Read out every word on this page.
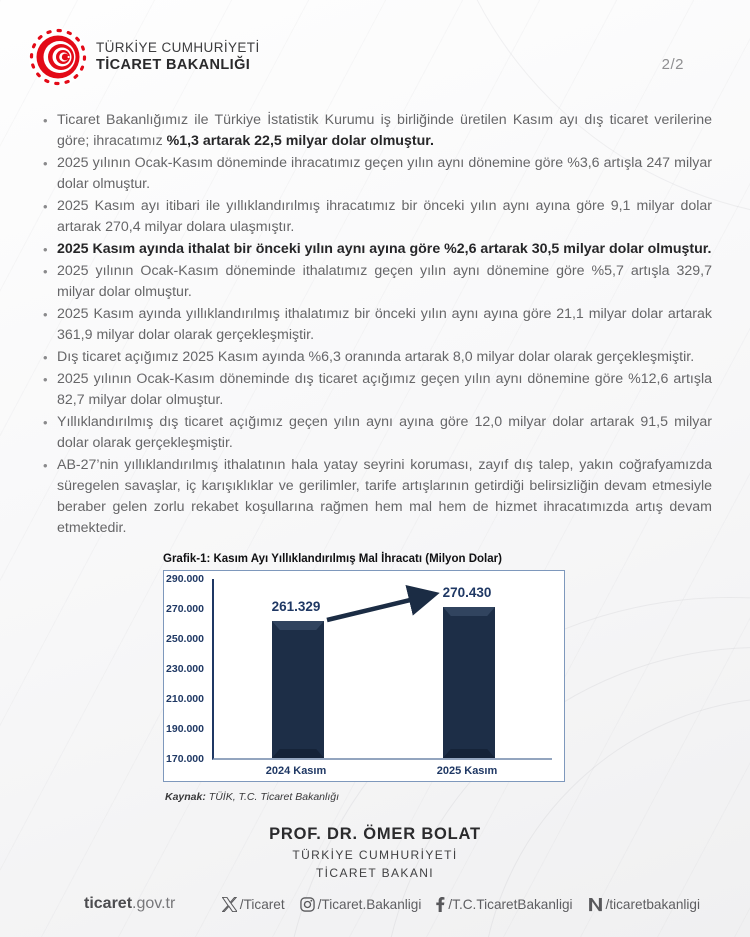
TÜRKİYE CUMHURİYETİ
TİCARET BAKANLIĞI	2/2
• Ticaret Bakanlığımız ile Türkiye İstatistik Kurumu iş birliğinde üretilen Kasım ayı dış ticaret verilerine göre; ihracatımız %1,3 artarak 22,5 milyar dolar olmuştur.
• 2025 yılının Ocak-Kasım döneminde ihracatımız geçen yılın aynı dönemine göre %3,6 artışla 247 milyar dolar olmuştur.
• 2025 Kasım ayı itibari ile yıllıklandırılmış ihracatımız bir önceki yılın aynı ayına göre 9,1 milyar dolar artarak 270,4 milyar dolara ulaşmıştır.
• 2025 Kasım ayında ithalat bir önceki yılın aynı ayına göre %2,6 artarak 30,5 milyar dolar olmuştur.
• 2025 yılının Ocak-Kasım döneminde ithalatımız geçen yılın aynı dönemine göre %5,7 artışla 329,7 milyar dolar olmuştur.
• 2025 Kasım ayında yıllıklandırılmış ithalatımız bir önceki yılın aynı ayına göre 21,1 milyar dolar artarak 361,9 milyar dolar olarak gerçekleşmiştir.
• Dış ticaret açığımız 2025 Kasım ayında %6,3 oranında artarak 8,0 milyar dolar olarak gerçekleşmiştir.
• 2025 yılının Ocak-Kasım döneminde dış ticaret açığımız geçen yılın aynı dönemine göre %12,6 artışla 82,7 milyar dolar olmuştur.
• Yıllıklandırılmış dış ticaret açığımız geçen yılın aynı ayına göre 12,0 milyar dolar artarak 91,5 milyar dolar olarak gerçekleşmiştir.
• AB-27’nin yıllıklandırılmış ithalatının hala yatay seyrini koruması, zayıf dış talep, yakın coğrafyamızda süregelen savaşlar, iç karışıklıklar ve gerilimler, tarife artışlarının getirdiği belirsizliğin devam etmesiyle beraber gelen zorlu rekabet koşullarına rağmen hem mal hem de hizmet ihracatımızda artış devam etmektedir.
Grafik-1: Kasım Ayı Yıllıklandırılmış Mal İhracatı (Milyon Dolar)
290.000
270.000
250.000
230.000
210.000
190.000
170.000
261.329
2024 Kasım
270.430
2025 Kasım
Kaynak: TÜİK, T.C. Ticaret Bakanlığı
PROF. DR. ÖMER BOLAT
TÜRKİYE CUMHURİYETİ
TİCARET BAKANI
ticaret.gov.tr	/Ticaret /Ticaret.Bakanligi /T.C.TicaretBakanligi /ticaretbakanligi
